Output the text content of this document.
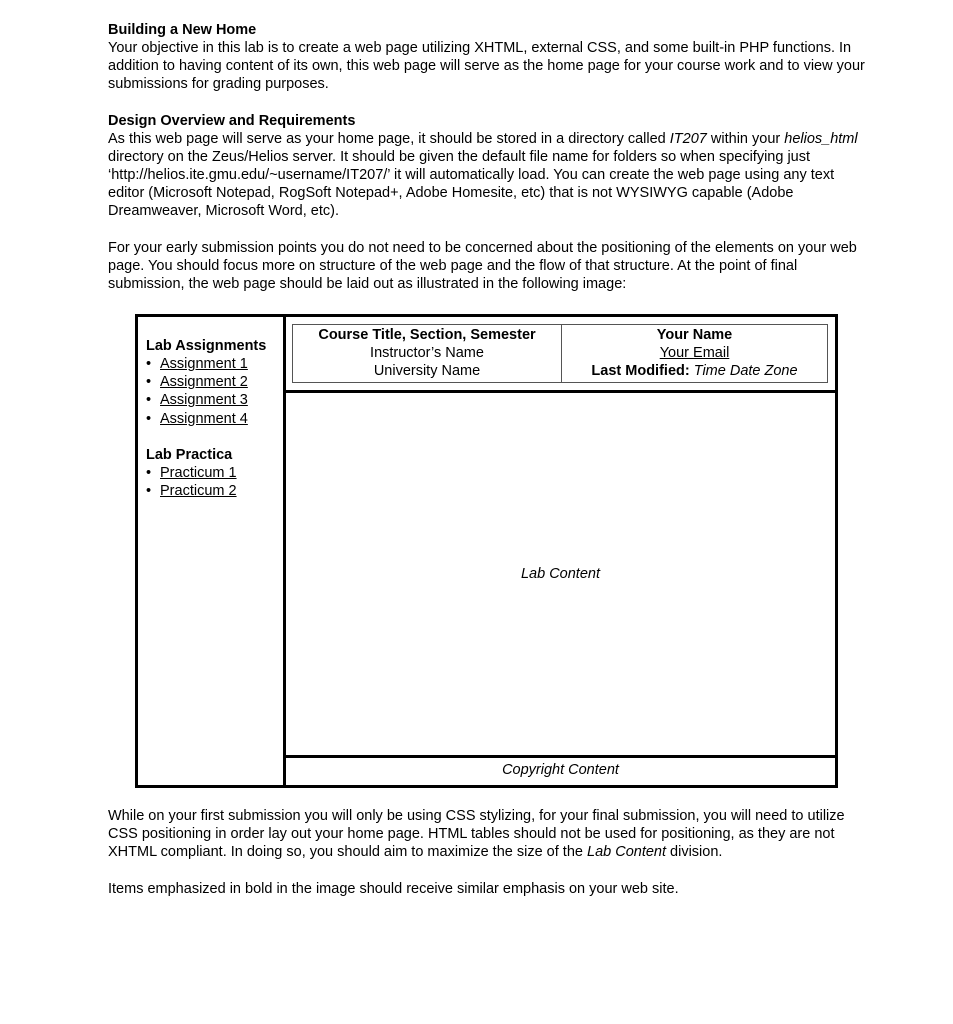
Building a New Home

Your objective in this lab is to create a web page utilizing XHTML, external CSS, and some built-in PHP functions. In addition to having content of its own, this web page will serve as the home page for your course work and to view your submissions for grading purposes.

Design Overview and Requirements

As this web page will serve as your home page, it should be stored in a directory called IT207 within your helios_html directory on the Zeus/Helios server. It should be given the default file name for folders so when specifying just ‘http://helios.ite.gmu.edu/~username/IT207/’ it will automatically load. You can create the web page using any text editor (Microsoft Notepad, RogSoft Notepad+, Adobe Homesite, etc) that is not WYSIWYG capable (Adobe Dreamweaver, Microsoft Word, etc).

For your early submission points you do not need to be concerned about the positioning of the elements on your web page. You should focus more on structure of the web page and the flow of that structure. At the point of final submission, the web page should be laid out as illustrated in the following image:

Lab Assignments
• Assignment 1
• Assignment 2
• Assignment 3
• Assignment 4
Lab Practica
• Practicum 1
• Practicum 2
Course Title, Section, Semester
Instructor’s Name
University Name
Your Name
Your Email
Last Modified: Time Date Zone
Lab Content
Copyright Content

While on your first submission you will only be using CSS stylizing, for your final submission, you will need to utilize CSS positioning in order lay out your home page. HTML tables should not be used for positioning, as they are not XHTML compliant. In doing so, you should aim to maximize the size of the Lab Content division.

Items emphasized in bold in the image should receive similar emphasis on your web site.
